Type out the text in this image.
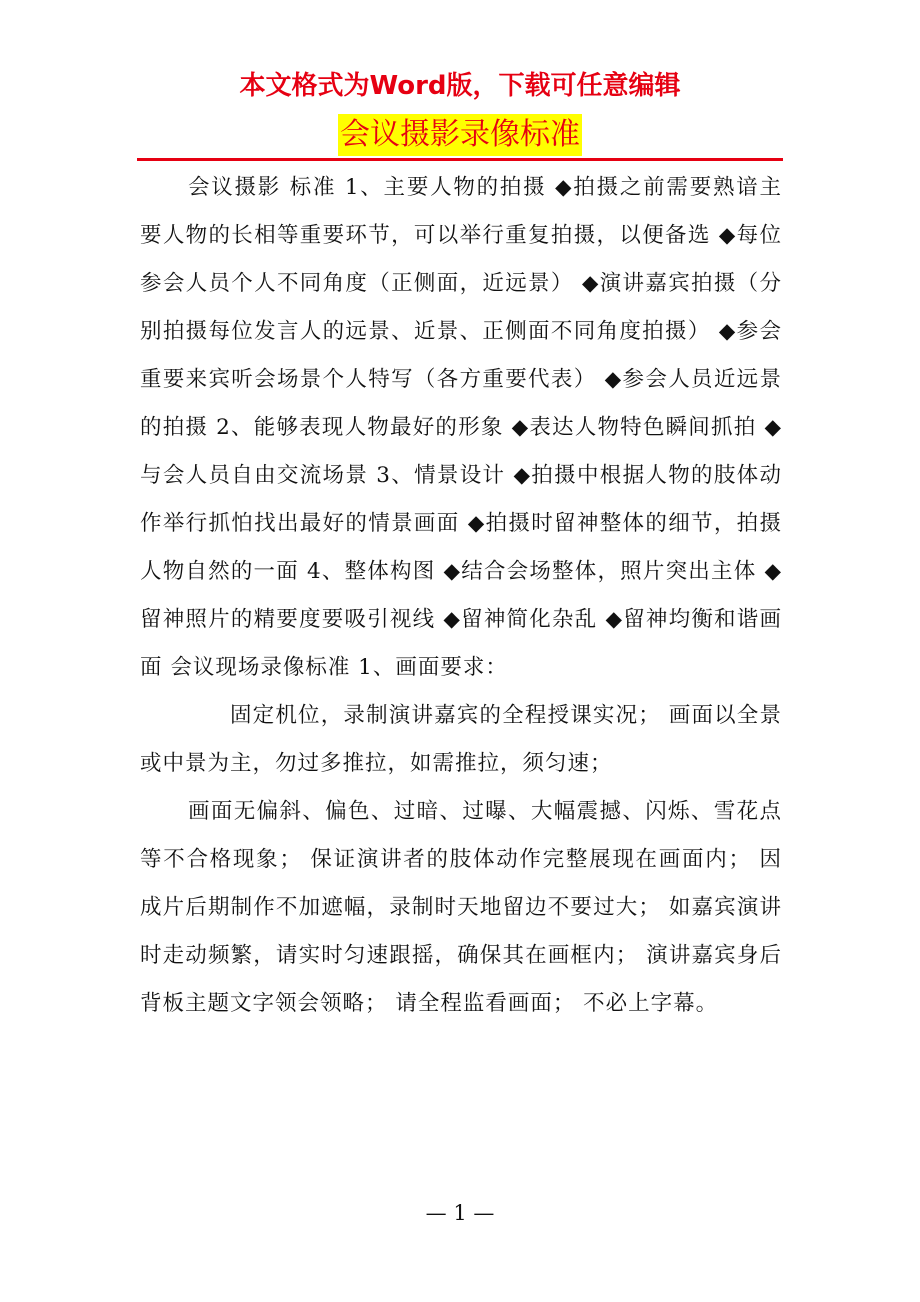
本文格式为Word版，下载可任意编辑
会议摄影录像标准

会议摄影 标准 1、主要人物的拍摄 ◆拍摄之前需要熟谙主要人物的长相等重要环节，可以举行重复拍摄，以便备选 ◆每位参会人员个人不同角度（正侧面，近远景） ◆演讲嘉宾拍摄（分别拍摄每位发言人的远景、近景、正侧面不同角度拍摄） ◆参会重要来宾听会场景个人特写（各方重要代表） ◆参会人员近远景的拍摄 2、能够表现人物最好的形象 ◆表达人物特色瞬间抓拍 ◆与会人员自由交流场景 3、情景设计 ◆拍摄中根据人物的肢体动作举行抓怕找出最好的情景画面 ◆拍摄时留神整体的细节，拍摄人物自然的一面 4、整体构图 ◆结合会场整体，照片突出主体 ◆留神照片的精要度要吸引视线 ◆留神简化杂乱 ◆留神均衡和谐画面 会议现场录像标准 1、画面要求：

固定机位，录制演讲嘉宾的全程授课实况； 画面以全景或中景为主，勿过多推拉，如需推拉，须匀速；

画面无偏斜、偏色、过暗、过曝、大幅震撼、闪烁、雪花点等不合格现象； 保证演讲者的肢体动作完整展现在画面内； 因成片后期制作不加遮幅，录制时天地留边不要过大； 如嘉宾演讲时走动频繁，请实时匀速跟摇，确保其在画框内； 演讲嘉宾身后背板主题文字领会领略； 请全程监看画面； 不必上字幕。

— 1 —
